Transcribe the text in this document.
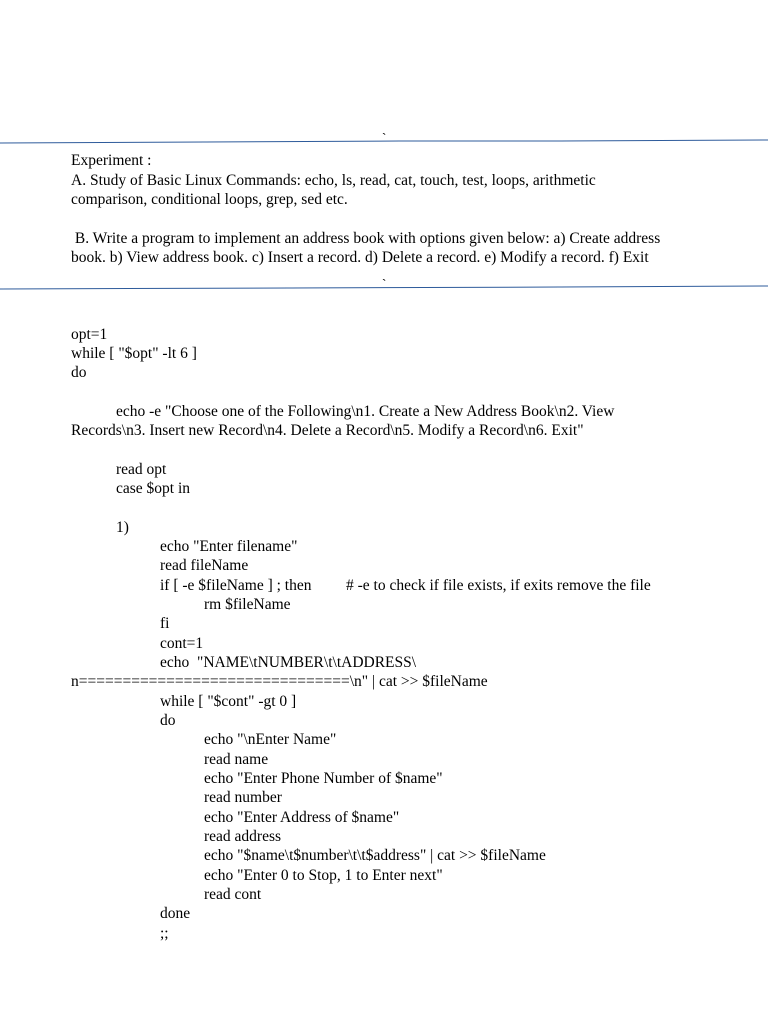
`
Experiment :
A. Study of Basic Linux Commands: echo, ls, read, cat, touch, test, loops, arithmetic
comparison, conditional loops, grep, sed etc.
B. Write a program to implement an address book with options given below: a) Create address
book. b) View address book. c) Insert a record. d) Delete a record. e) Modify a record. f) Exit
`
opt=1
while [ "$opt" -lt 6 ]
do
echo -e "Choose one of the Following\n1. Create a New Address Book\n2. View
Records\n3. Insert new Record\n4. Delete a Record\n5. Modify a Record\n6. Exit"
read opt
case $opt in
1)
echo "Enter filename"
read fileName
if [ -e $fileName ] ; then # -e to check if file exists, if exits remove the file
rm $fileName
fi
cont=1
echo  "NAME\tNUMBER\t\tADDRESS\
n===============================\n" | cat >> $fileName
while [ "$cont" -gt 0 ]
do
echo "\nEnter Name"
read name
echo "Enter Phone Number of $name"
read number
echo "Enter Address of $name"
read address
echo "$name\t$number\t\t$address" | cat >> $fileName
echo "Enter 0 to Stop, 1 to Enter next"
read cont
done
;;
